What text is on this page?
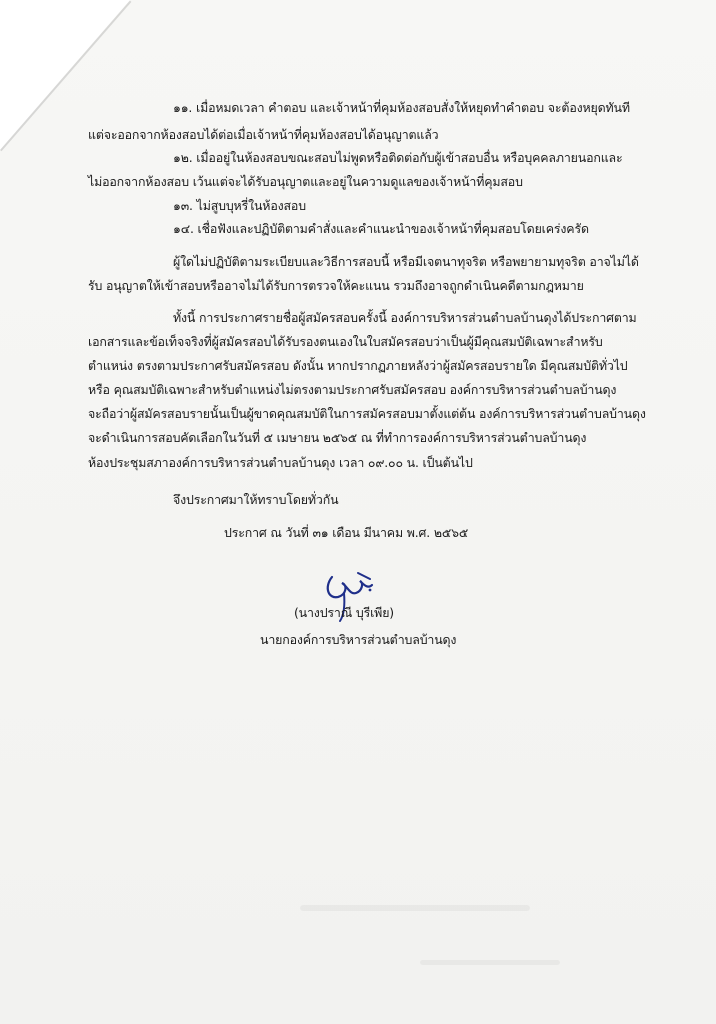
๑๑. เมื่อหมดเวลา คำตอบ และเจ้าหน้าที่คุมห้องสอบสั่งให้หยุดทำคำตอบ จะต้องหยุดทันที
แต่จะออกจากห้องสอบได้ต่อเมื่อเจ้าหน้าที่คุมห้องสอบได้อนุญาตแล้ว
๑๒. เมื่ออยู่ในห้องสอบขณะสอบไม่พูดหรือติดต่อกับผู้เข้าสอบอื่น หรือบุคคลภายนอกและ
ไม่ออกจากห้องสอบ เว้นแต่จะได้รับอนุญาตและอยู่ในความดูแลของเจ้าหน้าที่คุมสอบ
๑๓. ไม่สูบบุหรี่ในห้องสอบ
๑๔. เชื่อฟังและปฏิบัติตามคำสั่งและคำแนะนำของเจ้าหน้าที่คุมสอบโดยเคร่งครัด
ผู้ใดไม่ปฏิบัติตามระเบียบและวิธีการสอบนี้ หรือมีเจตนาทุจริต หรือพยายามทุจริต อาจไม่ได้
รับ อนุญาตให้เข้าสอบหรืออาจไม่ได้รับการตรวจให้คะแนน รวมถึงอาจถูกดำเนินคดีตามกฎหมาย
ทั้งนี้ การประกาศรายชื่อผู้สมัครสอบครั้งนี้ องค์การบริหารส่วนตำบลบ้านดุงได้ประกาศตาม
เอกสารและข้อเท็จจริงที่ผู้สมัครสอบได้รับรองตนเองในใบสมัครสอบว่าเป็นผู้มีคุณสมบัติเฉพาะสำหรับ
ตำแหน่ง ตรงตามประกาศรับสมัครสอบ ดังนั้น หากปรากฏภายหลังว่าผู้สมัครสอบรายใด มีคุณสมบัติทั่วไป
หรือ คุณสมบัติเฉพาะสำหรับตำแหน่งไม่ตรงตามประกาศรับสมัครสอบ องค์การบริหารส่วนตำบลบ้านดุง
จะถือว่าผู้สมัครสอบรายนั้นเป็นผู้ขาดคุณสมบัติในการสมัครสอบมาตั้งแต่ต้น องค์การบริหารส่วนตำบลบ้านดุง
จะดำเนินการสอบคัดเลือกในวันที่ ๕ เมษายน ๒๕๖๕ ณ ที่ทำการองค์การบริหารส่วนตำบลบ้านดุง
ห้องประชุมสภาองค์การบริหารส่วนตำบลบ้านดุง เวลา ๐๙.๐๐ น. เป็นต้นไป
จึงประกาศมาให้ทราบโดยทั่วกัน
ประกาศ ณ วันที่ ๓๑ เดือน มีนาคม พ.ศ. ๒๕๖๕
(นางปราณี บุรีเพีย)
นายกองค์การบริหารส่วนตำบลบ้านดุง
